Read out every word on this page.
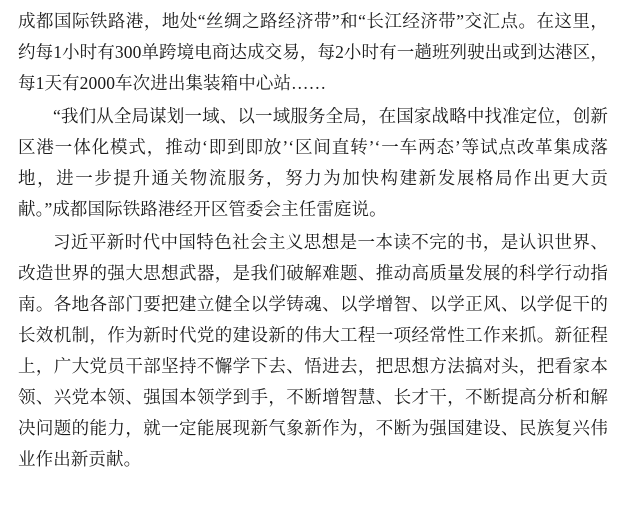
成都国际铁路港，地处“丝绸之路经济带”和“长江经济带”交汇点。在这里，约每1小时有300单跨境电商达成交易，每2小时有一趟班列驶出或到达港区，每1天有2000车次进出集装箱中心站……

“我们从全局谋划一域、以一域服务全局，在国家战略中找准定位，创新区港一体化模式，推动‘即到即放’‘区间直转’‘一车两态’等试点改革集成落地，进一步提升通关物流服务，努力为加快构建新发展格局作出更大贡献。”成都国际铁路港经开区管委会主任雷庭说。

习近平新时代中国特色社会主义思想是一本读不完的书，是认识世界、改造世界的强大思想武器，是我们破解难题、推动高质量发展的科学行动指南。各地各部门要把建立健全以学铸魂、以学增智、以学正风、以学促干的长效机制，作为新时代党的建设新的伟大工程一项经常性工作来抓。新征程上，广大党员干部坚持不懈学下去、悟进去，把思想方法搞对头，把看家本领、兴党本领、强国本领学到手，不断增智慧、长才干，不断提高分析和解决问题的能力，就一定能展现新气象新作为，不断为强国建设、民族复兴伟业作出新贡献。
